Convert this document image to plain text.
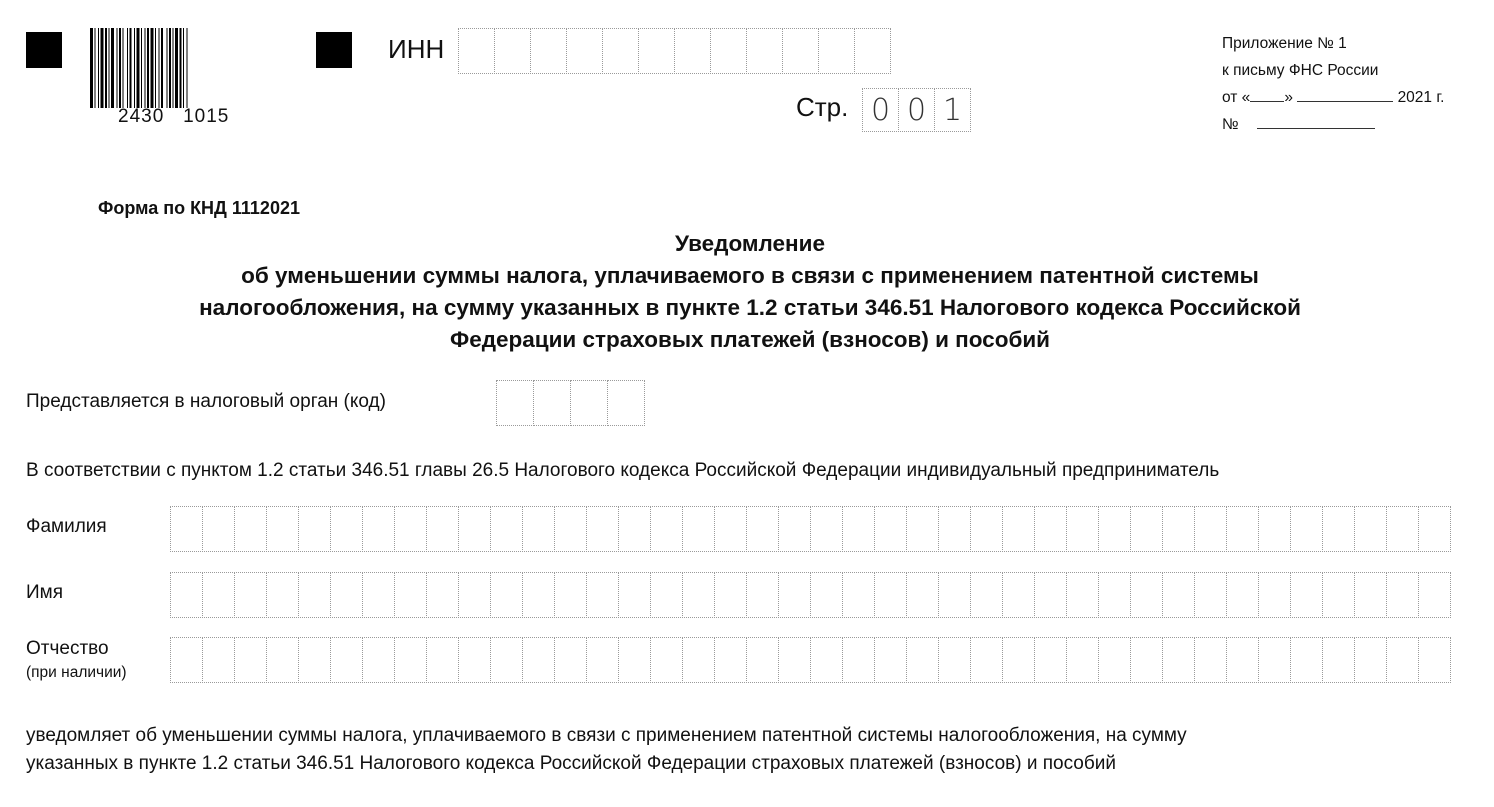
2430   1015
ИНН
Стр. 0 0 1
Приложение № 1
к письму ФНС России
от « »	2021 г.
№
Форма по КНД 1112021
Уведомление
об уменьшении суммы налога, уплачиваемого в связи с применением патентной системы
налогообложения, на сумму указанных в пункте 1.2 статьи 346.51 Налогового кодекса Российской
Федерации страховых платежей (взносов) и пособий
Представляется в налоговый орган (код)
В соответствии с пунктом 1.2 статьи 346.51 главы 26.5 Налогового кодекса Российской Федерации индивидуальный предприниматель
Фамилия
Имя
Отчество
(при наличии)
уведомляет об уменьшении суммы налога, уплачиваемого в связи с применением патентной системы налогообложения, на сумму
указанных в пункте 1.2 статьи 346.51 Налогового кодекса Российской Федерации страховых платежей (взносов) и пособий
